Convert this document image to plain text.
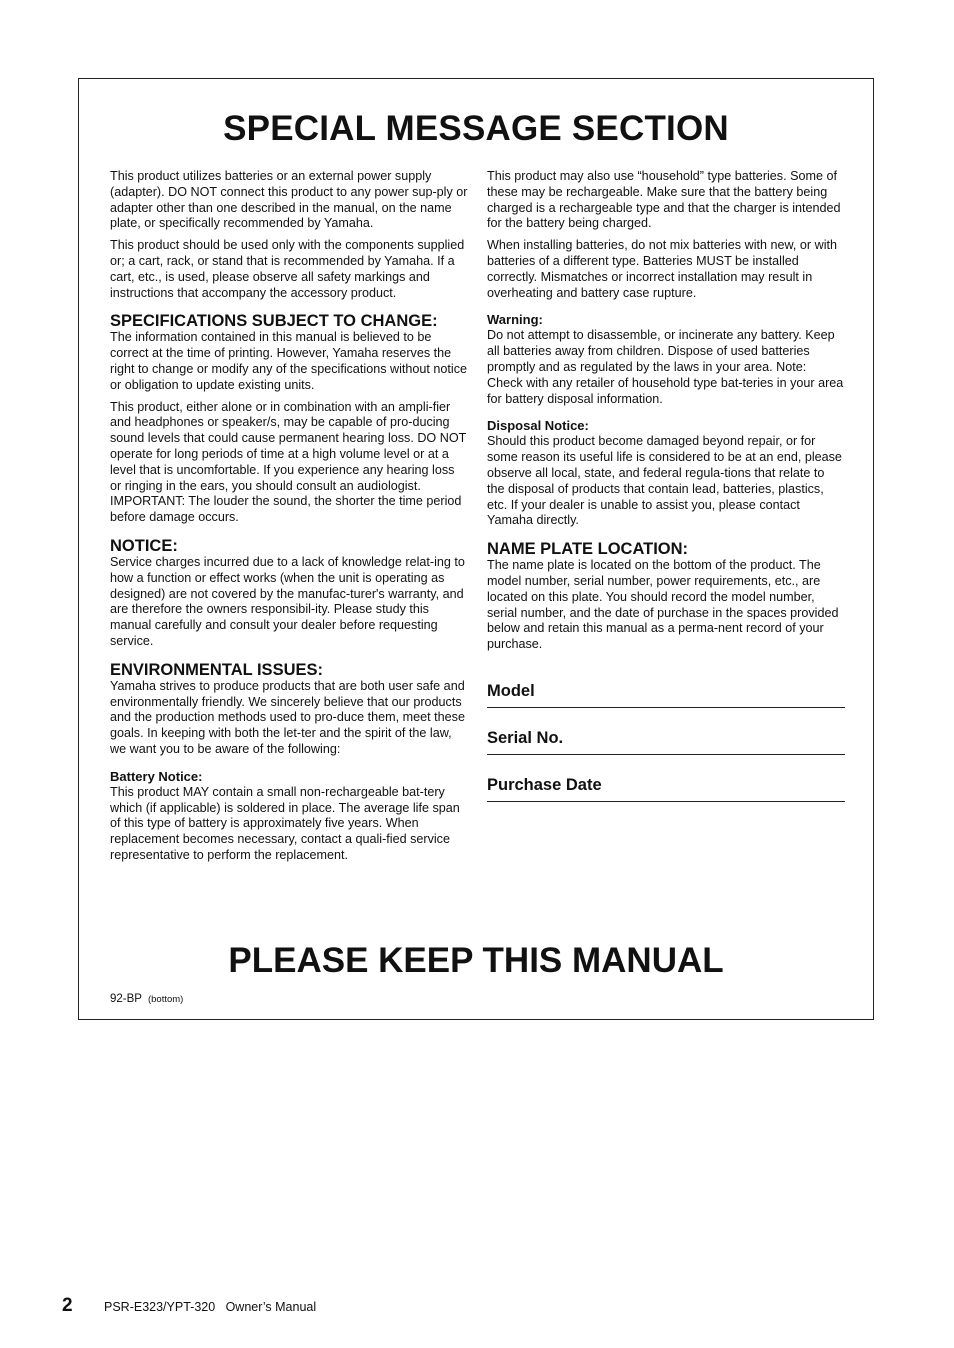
SPECIAL MESSAGE SECTION

This product utilizes batteries or an external power supply (adapter). DO NOT connect this product to any power sup-ply or adapter other than one described in the manual, on the name plate, or specifically recommended by Yamaha.

This product should be used only with the components supplied or; a cart, rack, or stand that is recommended by Yamaha. If a cart, etc., is used, please observe all safety markings and instructions that accompany the accessory product.

SPECIFICATIONS SUBJECT TO CHANGE:

The information contained in this manual is believed to be correct at the time of printing. However, Yamaha reserves the right to change or modify any of the specifications without notice or obligation to update existing units.

This product, either alone or in combination with an ampli-fier and headphones or speaker/s, may be capable of pro-ducing sound levels that could cause permanent hearing loss. DO NOT operate for long periods of time at a high volume level or at a level that is uncomfortable. If you experience any hearing loss or ringing in the ears, you should consult an audiologist.

IMPORTANT: The louder the sound, the shorter the time period before damage occurs.

NOTICE:

Service charges incurred due to a lack of knowledge relat-ing to how a function or effect works (when the unit is operating as designed) are not covered by the manufac-turer's warranty, and are therefore the owners responsibil-ity. Please study this manual carefully and consult your dealer before requesting service.

ENVIRONMENTAL ISSUES:

Yamaha strives to produce products that are both user safe and environmentally friendly. We sincerely believe that our products and the production methods used to pro-duce them, meet these goals. In keeping with both the let-ter and the spirit of the law, we want you to be aware of the following:

Battery Notice:

This product MAY contain a small non-rechargeable bat-tery which (if applicable) is soldered in place. The average life span of this type of battery is approximately five years. When replacement becomes necessary, contact a quali-fied service representative to perform the replacement.

This product may also use “household” type batteries. Some of these may be rechargeable. Make sure that the battery being charged is a rechargeable type and that the charger is intended for the battery being charged.

When installing batteries, do not mix batteries with new, or with batteries of a different type. Batteries MUST be installed correctly. Mismatches or incorrect installation may result in overheating and battery case rupture.

Warning:

Do not attempt to disassemble, or incinerate any battery. Keep all batteries away from children. Dispose of used batteries promptly and as regulated by the laws in your area. Note: Check with any retailer of household type bat-teries in your area for battery disposal information.

Disposal Notice:

Should this product become damaged beyond repair, or for some reason its useful life is considered to be at an end, please observe all local, state, and federal regula-tions that relate to the disposal of products that contain lead, batteries, plastics, etc. If your dealer is unable to assist you, please contact Yamaha directly.

NAME PLATE LOCATION:

The name plate is located on the bottom of the product. The model number, serial number, power requirements, etc., are located on this plate. You should record the model number, serial number, and the date of purchase in the spaces provided below and retain this manual as a perma-nent record of your purchase.

Model
Serial No.
Purchase Date
PLEASE KEEP THIS MANUAL
92-BP (bottom)
2	PSR-E323/YPT-320   Owner’s Manual
